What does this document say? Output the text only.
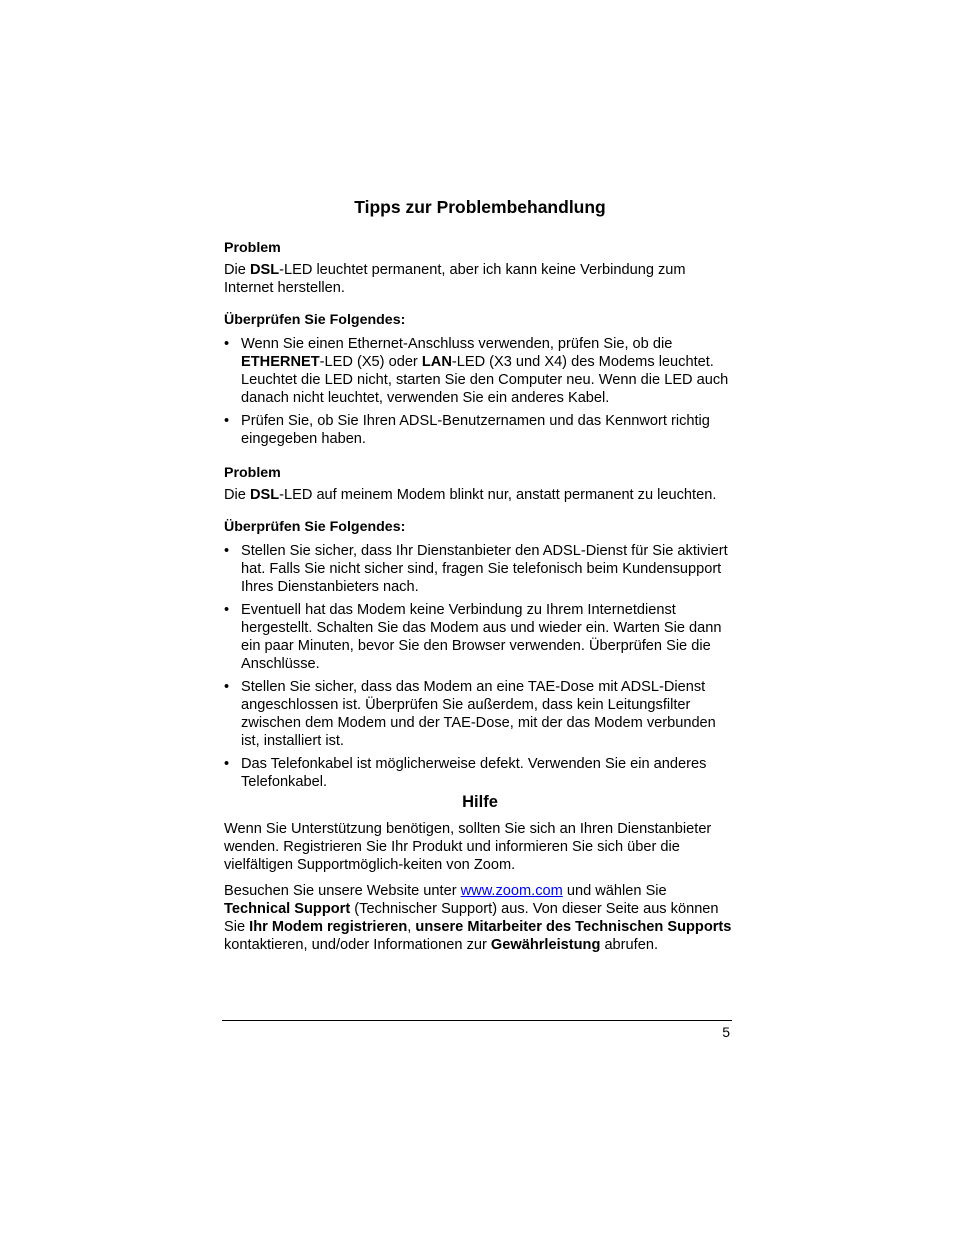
Tipps zur Problembehandlung

Problem

Die DSL-LED leuchtet permanent, aber ich kann keine Verbindung zum Internet herstellen.

Überprüfen Sie Folgendes:

• Wenn Sie einen Ethernet-Anschluss verwenden, prüfen Sie, ob die ETHERNET-LED (X5) oder LAN-LED (X3 und X4) des Modems leuchtet. Leuchtet die LED nicht, starten Sie den Computer neu. Wenn die LED auch danach nicht leuchtet, verwenden Sie ein anderes Kabel.
• Prüfen Sie, ob Sie Ihren ADSL-Benutzernamen und das Kennwort richtig eingegeben haben.

Problem

Die DSL-LED auf meinem Modem blinkt nur, anstatt permanent zu leuchten.

Überprüfen Sie Folgendes:

• Stellen Sie sicher, dass Ihr Dienstanbieter den ADSL-Dienst für Sie aktiviert hat. Falls Sie nicht sicher sind, fragen Sie telefonisch beim Kundensupport Ihres Dienstanbieters nach.
• Eventuell hat das Modem keine Verbindung zu Ihrem Internetdienst hergestellt. Schalten Sie das Modem aus und wieder ein. Warten Sie dann ein paar Minuten, bevor Sie den Browser verwenden. Überprüfen Sie die Anschlüsse.
• Stellen Sie sicher, dass das Modem an eine TAE-Dose mit ADSL-Dienst angeschlossen ist. Überprüfen Sie außerdem, dass kein Leitungsfilter zwischen dem Modem und der TAE-Dose, mit der das Modem verbunden ist, installiert ist.
• Das Telefonkabel ist möglicherweise defekt. Verwenden Sie ein anderes Telefonkabel.
Hilfe

Wenn Sie Unterstützung benötigen, sollten Sie sich an Ihren Dienstanbieter wenden. Registrieren Sie Ihr Produkt und informieren Sie sich über die vielfältigen Supportmöglich-keiten von Zoom.

Besuchen Sie unsere Website unter www.zoom.com und wählen Sie Technical Support (Technischer Support) aus. Von dieser Seite aus können Sie Ihr Modem registrieren, unsere Mitarbeiter des Technischen Supports kontaktieren, und/oder Informationen zur Gewährleistung abrufen.

5
